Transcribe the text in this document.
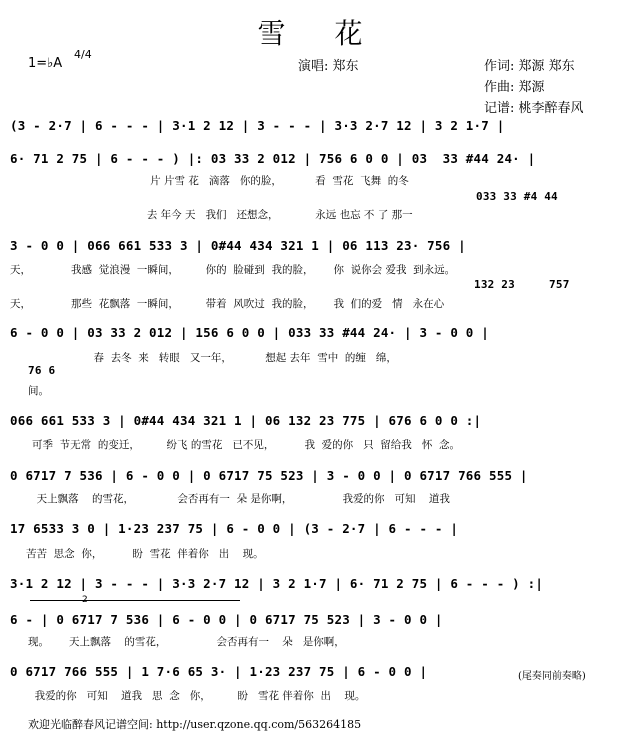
雪 花
1=♭A
4/4
演唱: 郑东	作词: 郑源 郑东
作曲: 郑源
记谱: 桃李醉春风
(3 - 2·7 | 6 - - - | 3·1 2 12 | 3 - - - | 3·3 2·7 12 | 3 2 1·7 |
6· 71 2 75 | 6 - - - ) |: 03 33 2 012 | 756 6 0 0 | 03  33 #44 24· |
片 片雪 花   滴落   你的脸，          看  雪花  飞舞  的冬
033 33 #4 44
去 年今 天   我们   还想念，           永远 也忘 不 了 那一
3 - 0 0 | 066 661 533 3 | 0#44 434 321 1 | 06 113 23· 756 |
天，            我感  觉浪漫  一瞬间，        你的  脸碰到  我的脸，      你  说你会 爱我  到永远。
132 23     757
天，            那些  花飘落  一瞬间，        带着  风吹过  我的脸，      我  们的爱   情   永在心
6 - 0 0 | 03 33 2 012 | 156 6 0 0 | 033 33 #44 24· | 3 - 0 0 |
春  去冬  来   转眼   又一年，          想起 去年  雪中  的缠   绵，
76 6
间。
066 661 533 3 | 0#44 434 321 1 | 06 132 23 775 | 676 6 0 0 :|
可季  节无常  的变迁，        纷飞 的雪花   已不见，         我  爱的你   只  留给我   怀  念。
0 6717 7 536 | 6 - 0 0 | 0 6717 75 523 | 3 - 0 0 | 0 6717 766 555 |
天上飘落    的雪花，             会否再有一  朵 是你啊，               我爱的你   可知    道我
17 6533 3 0 | 1·23 237 75 | 6 - 0 0 | (3 - 2·7 | 6 - - - |
苦苦  思念  你，         盼  雪花  伴着你   出    现。
3·1 2 12 | 3 - - - | 3·3 2·7 12 | 3 2 1·7 | 6· 71 2 75 | 6 - - - ) :|
2
6 - | 0 6717 7 536 | 6 - 0 0 | 0 6717 75 523 | 3 - 0 0 |
现。      天上飘落    的雪花，               会否再有一    朵   是你啊，
0 6717 766 555 | 1 7·6 65 3· | 1·23 237 75 | 6 - 0 0 |
我爱的你   可知    道我   思  念   你，        盼   雪花 伴着你  出    现。
(尾奏同前奏略)
欢迎光临醉春风记谱空间: http://user.qzone.qq.com/563264185
